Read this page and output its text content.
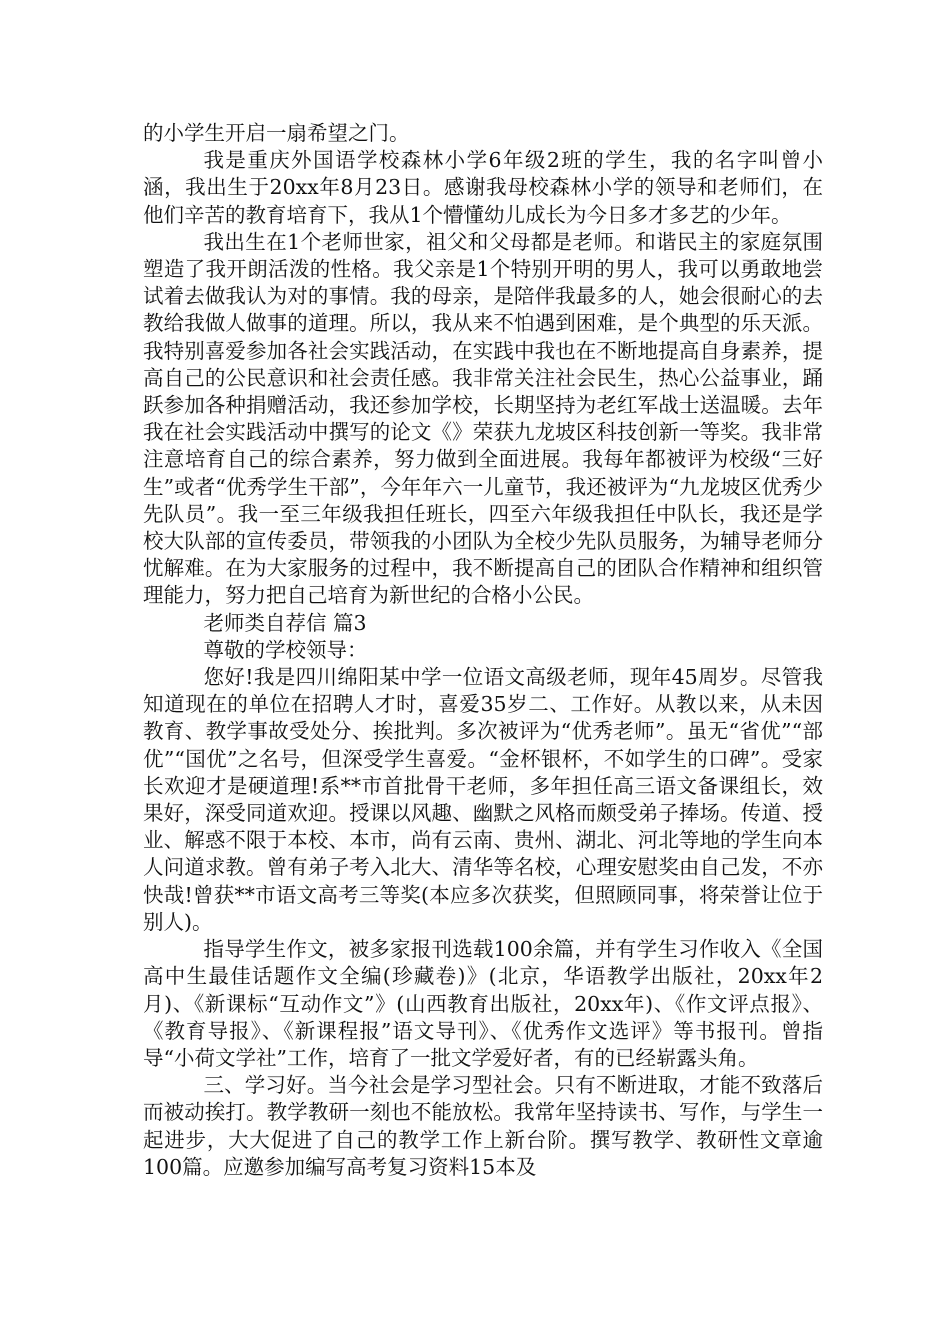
的小学生开启一扇希望之门。

我是重庆外国语学校森林小学6年级2班的学生，我的名字叫曾小涵，我出生于20xx年8月23日。感谢我母校森林小学的领导和老师们，在他们辛苦的教育培育下，我从1个懵懂幼儿成长为今日多才多艺的少年。

我出生在1个老师世家，祖父和父母都是老师。和谐民主的家庭氛围塑造了我开朗活泼的性格。我父亲是1个特别开明的男人，我可以勇敢地尝试着去做我认为对的事情。我的母亲，是陪伴我最多的人，她会很耐心的去教给我做人做事的道理。所以，我从来不怕遇到困难，是个典型的乐天派。我特别喜爱参加各社会实践活动，在实践中我也在不断地提高自身素养，提高自己的公民意识和社会责任感。我非常关注社会民生，热心公益事业，踊跃参加各种捐赠活动，我还参加学校，长期坚持为老红军战士送温暖。去年我在社会实践活动中撰写的论文《》荣获九龙坡区科技创新一等奖。我非常注意培育自己的综合素养，努力做到全面进展。我每年都被评为校级“三好生”或者“优秀学生干部”，今年年六一儿童节，我还被评为“九龙坡区优秀少先队员”。我一至三年级我担任班长，四至六年级我担任中队长，我还是学校大队部的宣传委员，带领我的小团队为全校少先队员服务，为辅导老师分忧解难。在为大家服务的过程中，我不断提高自己的团队合作精神和组织管理能力，努力把自己培育为新世纪的合格小公民。

老师类自荐信 篇3

尊敬的学校领导：

您好!我是四川绵阳某中学一位语文高级老师，现年45周岁。尽管我知道现在的单位在招聘人才时，喜爱35岁二、工作好。从教以来，从未因教育、教学事故受处分、挨批判。多次被评为“优秀老师”。虽无“省优”“部优”“国优”之名号，但深受学生喜爱。“金杯银杯，不如学生的口碑”。受家长欢迎才是硬道理!系**市首批骨干老师，多年担任高三语文备课组长，效果好，深受同道欢迎。授课以风趣、幽默之风格而颇受弟子捧场。传道、授业、解惑不限于本校、本市，尚有云南、贵州、湖北、河北等地的学生向本人问道求教。曾有弟子考入北大、清华等名校，心理安慰奖由自己发，不亦快哉!曾获**市语文高考三等奖(本应多次获奖，但照顾同事，将荣誉让位于别人)。

指导学生作文，被多家报刊选载100余篇，并有学生习作收入《全国高中生最佳话题作文全编(珍藏卷)》(北京，华语教学出版社，20xx年2月)、《新课标“互动作文”》(山西教育出版社，20xx年)、《作文评点报》、《教育导报》、《新课程报”语文导刊》、《优秀作文选评》等书报刊。曾指导“小荷文学社”工作，培育了一批文学爱好者，有的已经崭露头角。

三、学习好。当今社会是学习型社会。只有不断进取，才能不致落后而被动挨打。教学教研一刻也不能放松。我常年坚持读书、写作，与学生一起进步，大大促进了自己的教学工作上新台阶。撰写教学、教研性文章逾100篇。应邀参加编写高考复习资料15本及
